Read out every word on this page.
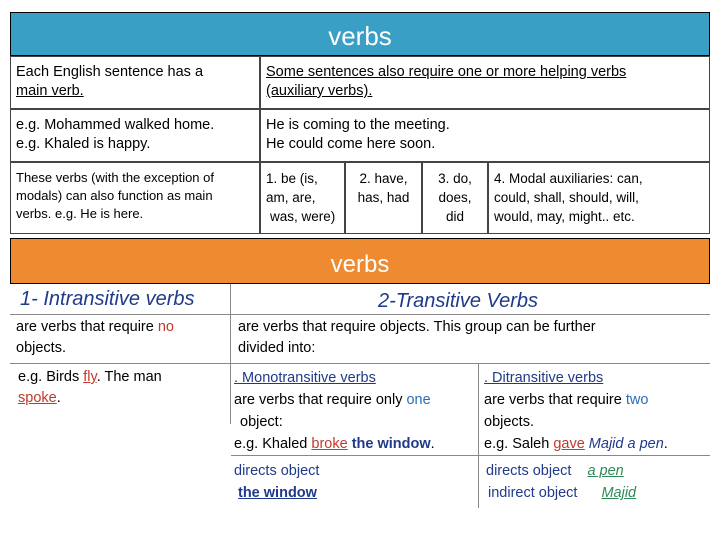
verbs
Each English sentence has a
main verb.
Some sentences also require one or more helping verbs
(auxiliary verbs).
e.g. Mohammed walked home.
e.g. Khaled is happy.
He is coming to the meeting.
He could come here soon.
These verbs (with the exception of
modals) can also function as main
verbs. e.g. He is here.
1. be (is,
am, are,
was, were)
2. have,
has, had
3. do,
does,
did
4. Modal auxiliaries: can,
could, shall, should, will,
would, may, might.. etc.
verbs
1- Intransitive verbs	2-Transitive Verbs
are verbs that require no
objects.
e.g. Birds fly. The man
spoke.
are verbs that require objects. This group can be further
divided into:
. Monotransitive verbs
are verbs that require only one
object:
e.g. Khaled broke the window.
. Ditransitive verbs
are verbs that require two
objects.
e.g. Saleh gave Majid a pen.
directs object
the window
directs object a pen
indirect object Majid
